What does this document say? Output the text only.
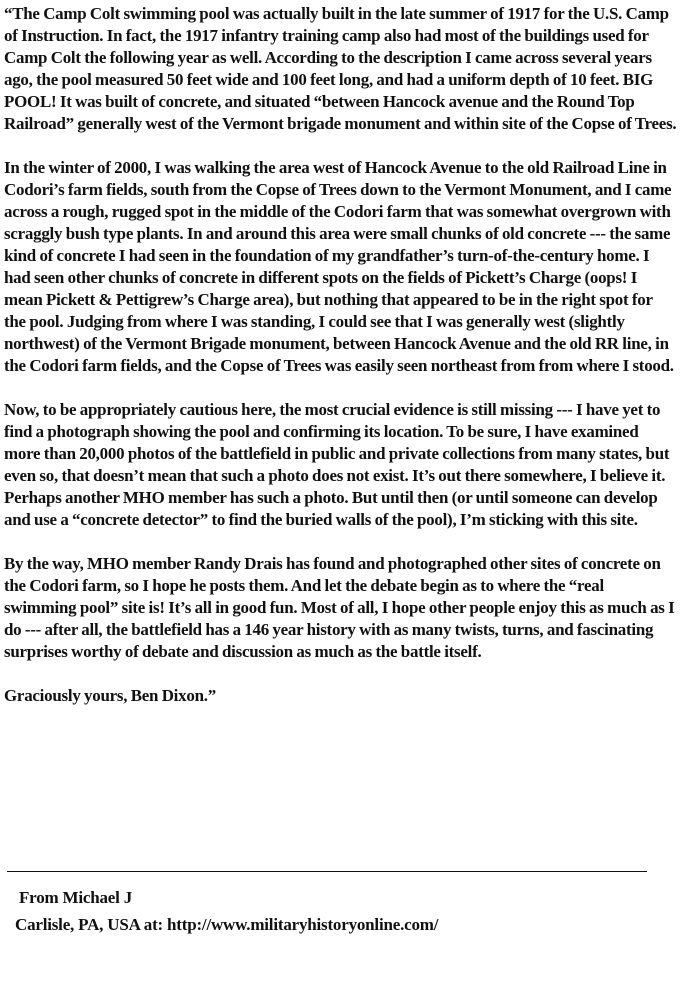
“The Camp Colt swimming pool was actually built in the late summer of 1917 for the U.S. Camp of Instruction. In fact, the 1917 infantry training camp also had most of the buildings used for Camp Colt the following year as well. According to the description I came across several years ago, the pool measured 50 feet wide and 100 feet long, and had a uniform depth of 10 feet. BIG POOL! It was built of concrete, and situated “between Hancock avenue and the Round Top Railroad” generally west of the Vermont brigade monument and within site of the Copse of Trees.

In the winter of 2000, I was walking the area west of Hancock Avenue to the old Railroad Line in Codori’s farm fields, south from the Copse of Trees down to the Vermont Monument, and I came across a rough, rugged spot in the middle of the Codori farm that was somewhat overgrown with scraggly bush type plants. In and around this area were small chunks of old concrete --- the same kind of concrete I had seen in the foundation of my grandfather’s turn-of-the-century home. I had seen other chunks of concrete in different spots on the fields of Pickett’s Charge (oops! I mean Pickett & Pettigrew’s Charge area), but nothing that appeared to be in the right spot for the pool. Judging from where I was standing, I could see that I was generally west (slightly northwest) of the Vermont Brigade monument, between Hancock Avenue and the old RR line, in the Codori farm fields, and the Copse of Trees was easily seen northeast from from where I stood.

Now, to be appropriately cautious here, the most crucial evidence is still missing --- I have yet to find a photograph showing the pool and confirming its location. To be sure, I have examined more than 20,000 photos of the battlefield in public and private collections from many states, but even so, that doesn’t mean that such a photo does not exist. It’s out there somewhere, I believe it. Perhaps another MHO member has such a photo. But until then (or until someone can develop and use a “concrete detector” to find the buried walls of the pool), I’m sticking with this site.

By the way, MHO member Randy Drais has found and photographed other sites of concrete on the Codori farm, so I hope he posts them. And let the debate begin as to where the “real swimming pool” site is! It’s all in good fun. Most of all, I hope other people enjoy this as much as I do --- after all, the battlefield has a 146 year history with as many twists, turns, and fascinating surprises worthy of debate and discussion as much as the battle itself.

Graciously yours, Ben Dixon.”

From Michael J
Carlisle, PA, USA at: http://www.militaryhistoryonline.com/
